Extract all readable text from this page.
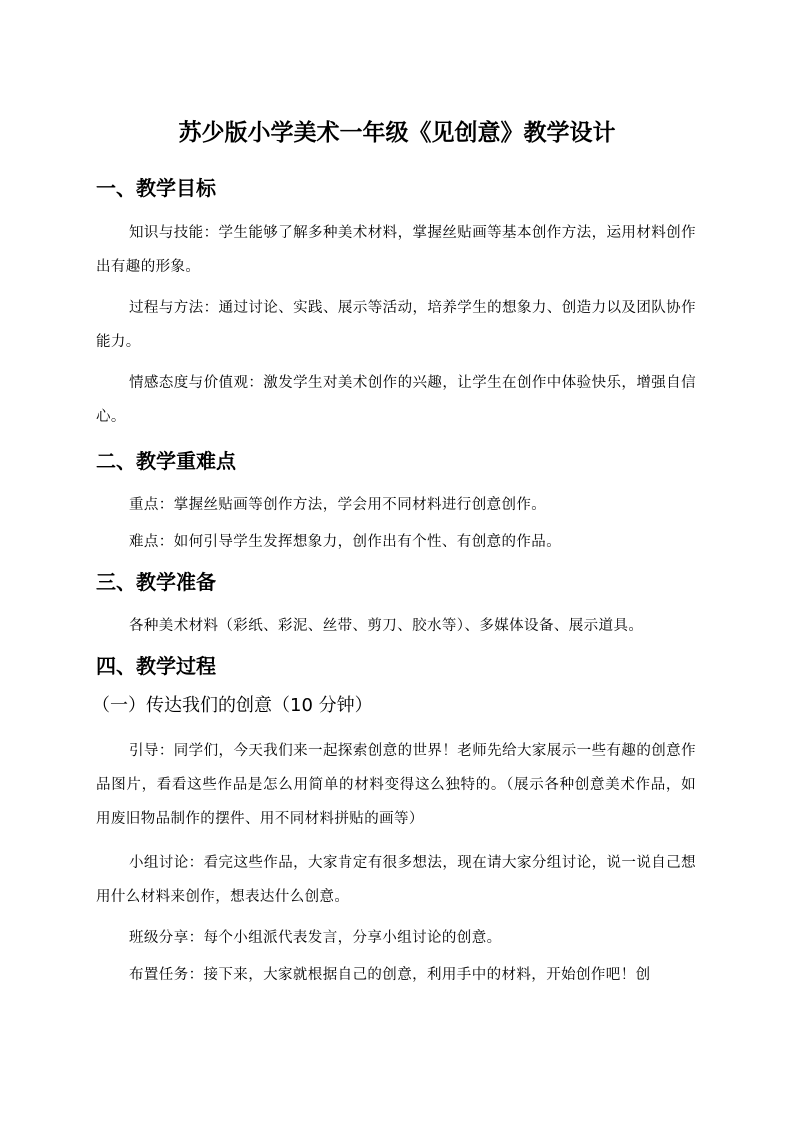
苏少版小学美术一年级《见创意》教学设计
一、教学目标
知识与技能：学生能够了解多种美术材料，掌握丝贴画等基本创作方法，运用材料创作出有趣的形象。
过程与方法：通过讨论、实践、展示等活动，培养学生的想象力、创造力以及团队协作能力。
情感态度与价值观：激发学生对美术创作的兴趣，让学生在创作中体验快乐，增强自信心。
二、教学重难点
重点：掌握丝贴画等创作方法，学会用不同材料进行创意创作。
难点：如何引导学生发挥想象力，创作出有个性、有创意的作品。
三、教学准备
各种美术材料（彩纸、彩泥、丝带、剪刀、胶水等）、多媒体设备、展示道具。
四、教学过程
（一）传达我们的创意（10 分钟）
引导：同学们，今天我们来一起探索创意的世界！老师先给大家展示一些有趣的创意作品图片，看看这些作品是怎么用简单的材料变得这么独特的。（展示各种创意美术作品，如用废旧物品制作的摆件、用不同材料拼贴的画等）
小组讨论：看完这些作品，大家肯定有很多想法，现在请大家分组讨论，说一说自己想用什么材料来创作，想表达什么创意。
班级分享：每个小组派代表发言，分享小组讨论的创意。
布置任务：接下来，大家就根据自己的创意，利用手中的材料，开始创作吧！创
